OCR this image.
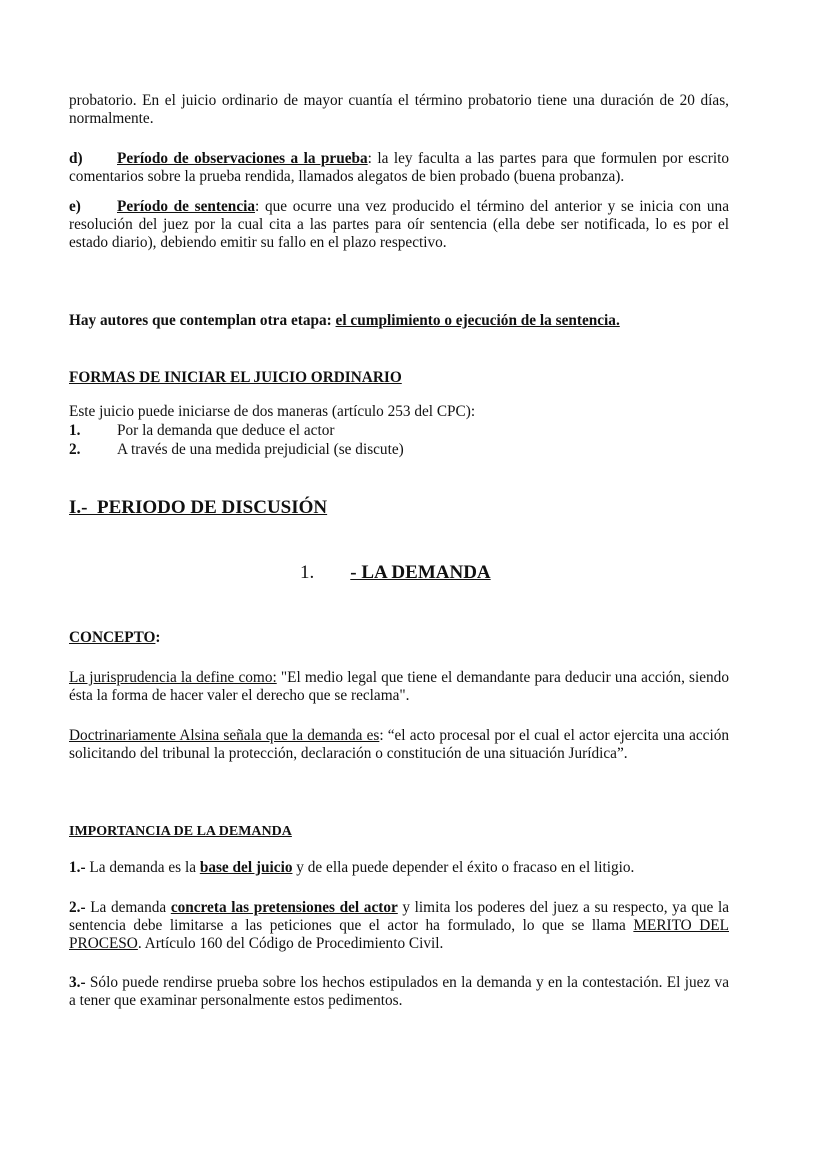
probatorio. En el juicio ordinario de mayor cuantía el término probatorio tiene una duración de 20 días, normalmente.

d) Período de observaciones a la prueba: la ley faculta a las partes para que formulen por escrito comentarios sobre la prueba rendida, llamados alegatos de bien probado (buena probanza).

e) Período de sentencia: que ocurre una vez producido el término del anterior y se inicia con una resolución del juez por la cual cita a las partes para oír sentencia (ella debe ser notificada, lo es por el estado diario), debiendo emitir su fallo en el plazo respectivo.

Hay autores que contemplan otra etapa: el cumplimiento o ejecución de la sentencia.

FORMAS DE INICIAR EL JUICIO ORDINARIO
Este juicio puede iniciarse de dos maneras (artículo 253 del CPC):
1.	Por la demanda que deduce el actor
2.	A través de una medida prejudicial (se discute)
I.-  PERIODO DE DISCUSIÓN
1. - LA DEMANDA
CONCEPTO:

La jurisprudencia la define como: "El medio legal que tiene el demandante para deducir una acción, siendo ésta la forma de hacer valer el derecho que se reclama".

Doctrinariamente Alsina señala que la demanda es: “el acto procesal por el cual el actor ejercita una acción solicitando del tribunal la protección, declaración o constitución de una situación Jurídica”.

IMPORTANCIA DE LA DEMANDA

1.- La demanda es la base del juicio y de ella puede depender el éxito o fracaso en el litigio.

2.- La demanda concreta las pretensiones del actor y limita los poderes del juez a su respecto, ya que la sentencia debe limitarse a las peticiones que el actor ha formulado, lo que se llama MERITO DEL PROCESO. Artículo 160 del Código de Procedimiento Civil.

3.- Sólo puede rendirse prueba sobre los hechos estipulados en la demanda y en la contestación. El juez va a tener que examinar personalmente estos pedimentos.
